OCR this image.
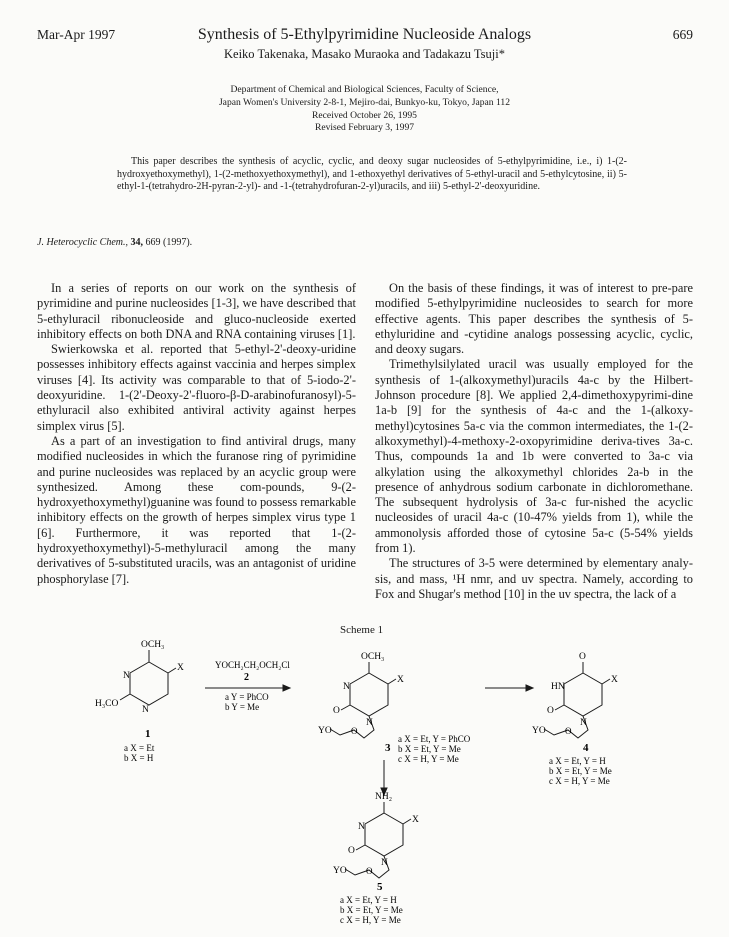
Mar-Apr 1997	669
Synthesis of 5-Ethylpyrimidine Nucleoside Analogs
Keiko Takenaka, Masako Muraoka and Tadakazu Tsuji*
Department of Chemical and Biological Sciences, Faculty of Science,
Japan Women's University 2-8-1, Mejiro-dai, Bunkyo-ku, Tokyo, Japan 112
Received October 26, 1995
Revised February 3, 1997

This paper describes the synthesis of acyclic, cyclic, and deoxy sugar nucleosides of 5-ethylpyrimidine, i.e., i) 1-(2-hydroxyethoxymethyl), 1-(2-methoxyethoxymethyl), and 1-ethoxyethyl derivatives of 5-ethyl-uracil and 5-ethylcytosine, ii) 5-ethyl-1-(tetrahydro-2H-pyran-2-yl)- and -1-(tetrahydrofuran-2-yl)uracils, and iii) 5-ethyl-2'-deoxyuridine.

J. Heterocyclic Chem., 34, 669 (1997).

In a series of reports on our work on the synthesis of pyrimidine and purine nucleosides [1-3], we have described that 5-ethyluracil ribonucleoside and gluco-nucleoside exerted inhibitory effects on both DNA and RNA containing viruses [1].

Swierkowska et al. reported that 5-ethyl-2'-deoxy-uridine possesses inhibitory effects against vaccinia and herpes simplex viruses [4]. Its activity was comparable to that of 5-iodo-2'-deoxyuridine. 1-(2'-Deoxy-2'-fluoro-β-D-arabinofuranosyl)-5-ethyluracil also exhibited antiviral activity against herpes simplex virus [5].

As a part of an investigation to find antiviral drugs, many modified nucleosides in which the furanose ring of pyrimidine and purine nucleosides was replaced by an acyclic group were synthesized. Among these com-pounds, 9-(2-hydroxyethoxymethyl)guanine was found to possess remarkable inhibitory effects on the growth of herpes simplex virus type 1 [6]. Furthermore, it was reported that 1-(2-hydroxyethoxymethyl)-5-methyluracil among the many derivatives of 5-substituted uracils, was an antagonist of uridine phosphorylase [7].

On the basis of these findings, it was of interest to pre-pare modified 5-ethylpyrimidine nucleosides to search for more effective agents. This paper describes the synthesis of 5-ethyluridine and -cytidine analogs possessing acyclic, cyclic, and deoxy sugars.

Trimethylsilylated uracil was usually employed for the synthesis of 1-(alkoxymethyl)uracils 4a-c by the Hilbert-Johnson procedure [8]. We applied 2,4-dimethoxypyrimi-dine 1a-b [9] for the synthesis of 4a-c and the 1-(alkoxy-methyl)cytosines 5a-c via the common intermediates, the 1-(2-alkoxymethyl)-4-methoxy-2-oxopyrimidine deriva-tives 3a-c. Thus, compounds 1a and 1b were converted to 3a-c via alkylation using the alkoxymethyl chlorides 2a-b in the presence of anhydrous sodium carbonate in dichloromethane. The subsequent hydrolysis of 3a-c fur-nished the acyclic nucleosides of uracil 4a-c (10-47% yields from 1), while the ammonolysis afforded those of cytosine 5a-c (5-54% yields from 1).

The structures of 3-5 were determined by elementary analy-sis, and mass, ¹H nmr, and uv spectra. Namely, according to Fox and Shugar's method [10] in the uv spectra, the lack of a

Scheme 1
OCH₃
N
N
X
H₃CO
1
a X = Et
b X = H
YOCH₂CH₂OCH₂Cl
2
a Y = PhCO
b Y = Me
OCH₃
N
N
X
O
YO O
3
a X = Et, Y = PhCO
b X = Et, Y = Me
c X = H, Y = Me
O
HN
N
X
O
YO O
4
a X = Et, Y = H
b X = Et, Y = Me
c X = H, Y = Me
NH₂
N
N
X
O
YO O
5
a X = Et, Y = H
b X = Et, Y = Me
c X = H, Y = Me
